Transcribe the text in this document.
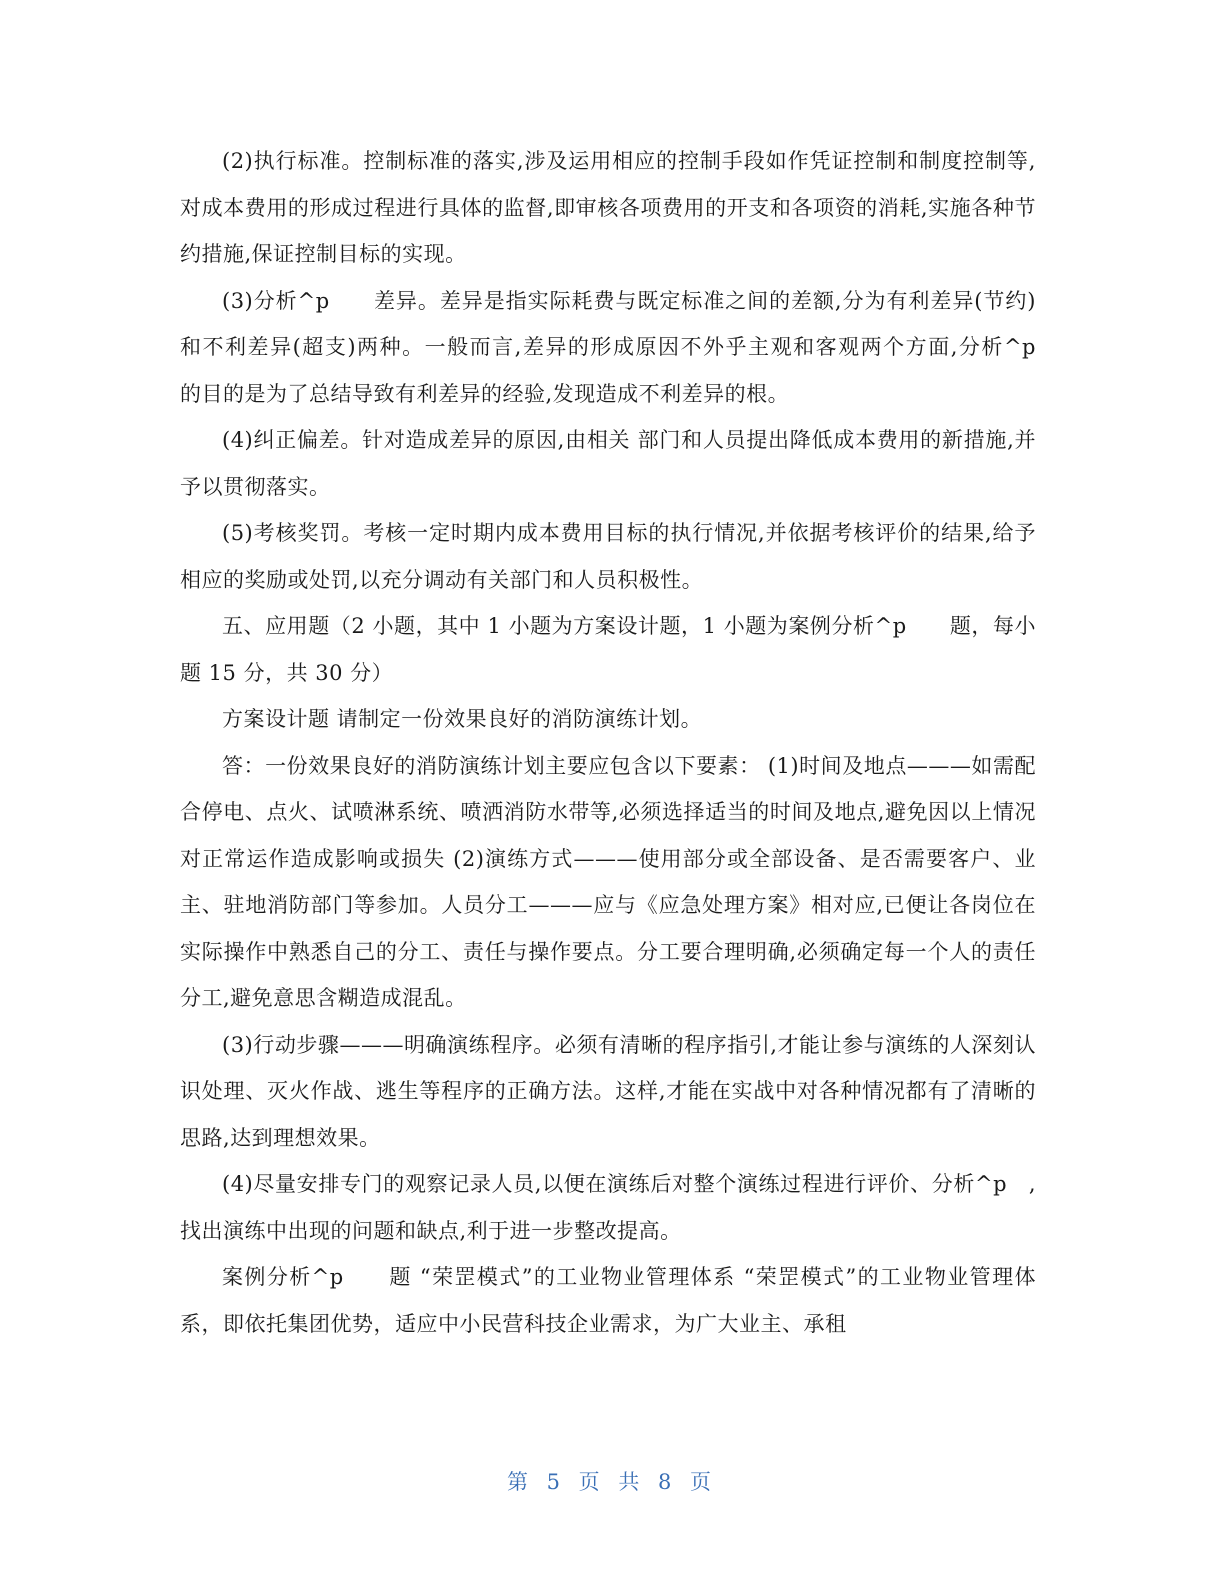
(2)执行标准。控制标准的落实,涉及运用相应的控制手段如作凭证控制和制度控制等,对成本费用的形成过程进行具体的监督,即审核各项费用的开支和各项资的消耗,实施各种节约措施,保证控制目标的实现。

(3)分析^p　　差异。差异是指实际耗费与既定标准之间的差额,分为有利差异(节约)和不利差异(超支)两种。一般而言,差异的形成原因不外乎主观和客观两个方面,分析^p　　的目的是为了总结导致有利差异的经验,发现造成不利差异的根。

(4)纠正偏差。针对造成差异的原因,由相关 部门和人员提出降低成本费用的新措施,并予以贯彻落实。

(5)考核奖罚。考核一定时期内成本费用目标的执行情况,并依据考核评价的结果,给予相应的奖励或处罚,以充分调动有关部门和人员积极性。

五、应用题（2 小题，其中 1 小题为方案设计题，1 小题为案例分析^p　　题，每小题 15 分，共 30 分）

方案设计题 请制定一份效果良好的消防演练计划。

答：一份效果良好的消防演练计划主要应包含以下要素： (1)时间及地点———如需配合停电、点火、试喷淋系统、喷洒消防水带等,必须选择适当的时间及地点,避免因以上情况对正常运作造成影响或损失 (2)演练方式———使用部分或全部设备、是否需要客户、业主、驻地消防部门等参加。人员分工———应与《应急处理方案》相对应,已便让各岗位在实际操作中熟悉自己的分工、责任与操作要点。分工要合理明确,必须确定每一个人的责任分工,避免意思含糊造成混乱。

(3)行动步骤———明确演练程序。必须有清晰的程序指引,才能让参与演练的人深刻认识处理、灭火作战、逃生等程序的正确方法。这样,才能在实战中对各种情况都有了清晰的思路,达到理想效果。

(4)尽量安排专门的观察记录人员,以便在演练后对整个演练过程进行评价、分析^p　,　找出演练中出现的问题和缺点,利于进一步整改提高。

案例分析^p　　题 “荣罡模式”的工业物业管理体系 “荣罡模式”的工业物业管理体系，即依托集团优势，适应中小民营科技企业需求，为广大业主、承租

第 5 页 共 8 页
